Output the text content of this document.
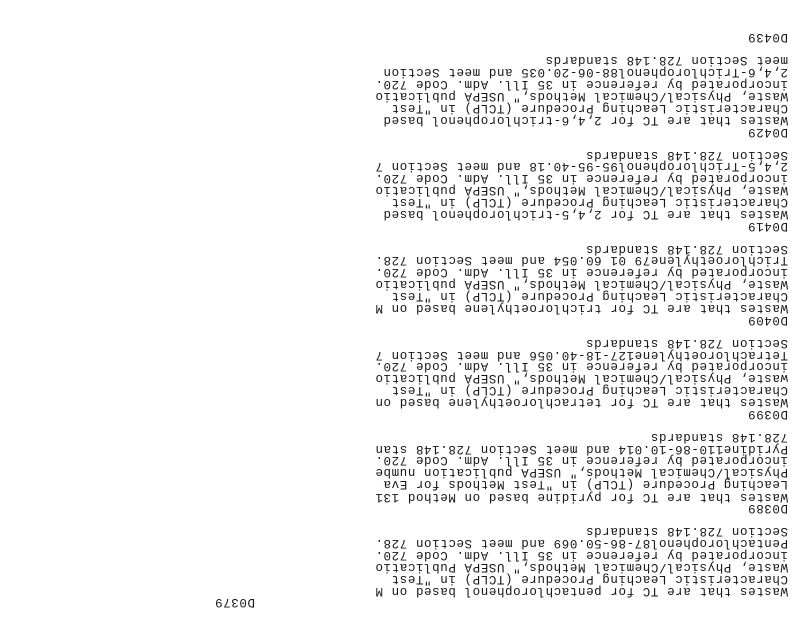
D0379
Wastes that are TC for pentachlorophenol based on M
Characteristic Leaching Procedure (TCLP) in "Test
Waste, Physical/Chemical Methods," USEPA Publicatio
incorporated by reference in 35 Ill. Adm. Code 720.
Pentachlorophenol87-86-50.069 and meet Section 728.
Section 728.148 standards
D0389
Wastes that are TC for pyridine based on Method 131
Leaching Procedure (TCLP) in "Test Methods for Eva
Physical/Chemical Methods," USEPA publication numbe
incorporated by reference in 35 Ill. Adm. Code 720.
Pyridine110-86-10.014 and meet Section 728.148 stan
728.148 standards
D0399
Wastes that are TC for tetrachloroethylene based on
Characteristic Leaching Procedure (TCLP) in "Test
waste, Physical/Chemical Methods," USEPA publicatio
incorporated by reference in 35 Ill. Adm. Code 720.
Tetrachloroethylene127-18-40.056 and meet Section 7
Section 728.148 standards
D0409
Wastes that are TC for trichloroethylene based on M
Characteristic Leaching Procedure (TCLP) in "Test
Waste, Physical/Chemical Methods," USEPA publicatio
incorporated by reference in 35 Ill. Adm. Code 720.
Trichloroethylene79 01 60.054 and meet Section 728.
Section 728.148 standards
D0419
Wastes that are TC for 2,4,5-trichlorophenol based
Characteristic Leaching Procedure (TCLP) in "Test
Waste, Physical/Chemical Methods," USEPA publicatio
incorporated by reference in 35 Ill. Adm. Code 720.
2,4,5-Trichlorophenol95-95-40.18 and meet Section 7
Section 728.148 standards
D0429
Wastes that are TC for 2,4,6-trichlorophenol based
Characteristic Leaching Procedure (TCLP) in "Test
Waste, Physical/Chemical Methods," USEPA publicatio
incorporated by reference in 35 Ill. Adm. Code 720.
2,4,6-Trichlorophenol88-06-20.035 and meet Section
meet Section 728.148 standards
D0439
